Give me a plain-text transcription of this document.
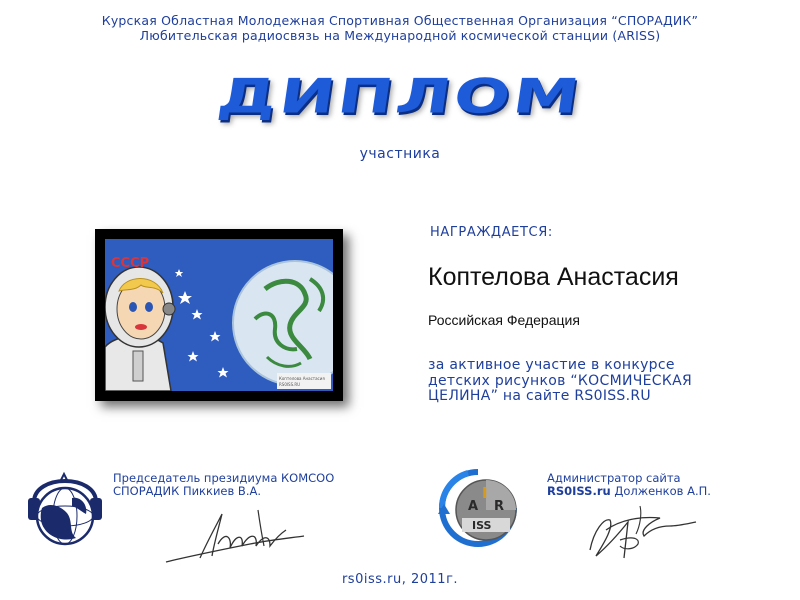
Курская Областная Молодежная Спортивная Общественная Организация “СПОРАДИК”
Любительская радиосвязь на Международной космической станции (ARISS)
ДИПЛОМ
участника
СССР
Коптелова Анастасия
RS0ISS.RU
НАГРАЖДАЕТСЯ:
Коптелова Анастасия
Российская Федерация
за активное участие в конкурсе
детских рисунков “КОСМИЧЕСКАЯ
ЦЕЛИНА” на сайте RS0ISS.RU
Председатель президиума КОМСОО
СПОРАДИК Пиккиев В.А.
A R
I
ISS
Администратор сайта
RS0ISS.ru Долженков А.П.
rs0iss.ru, 2011г.
